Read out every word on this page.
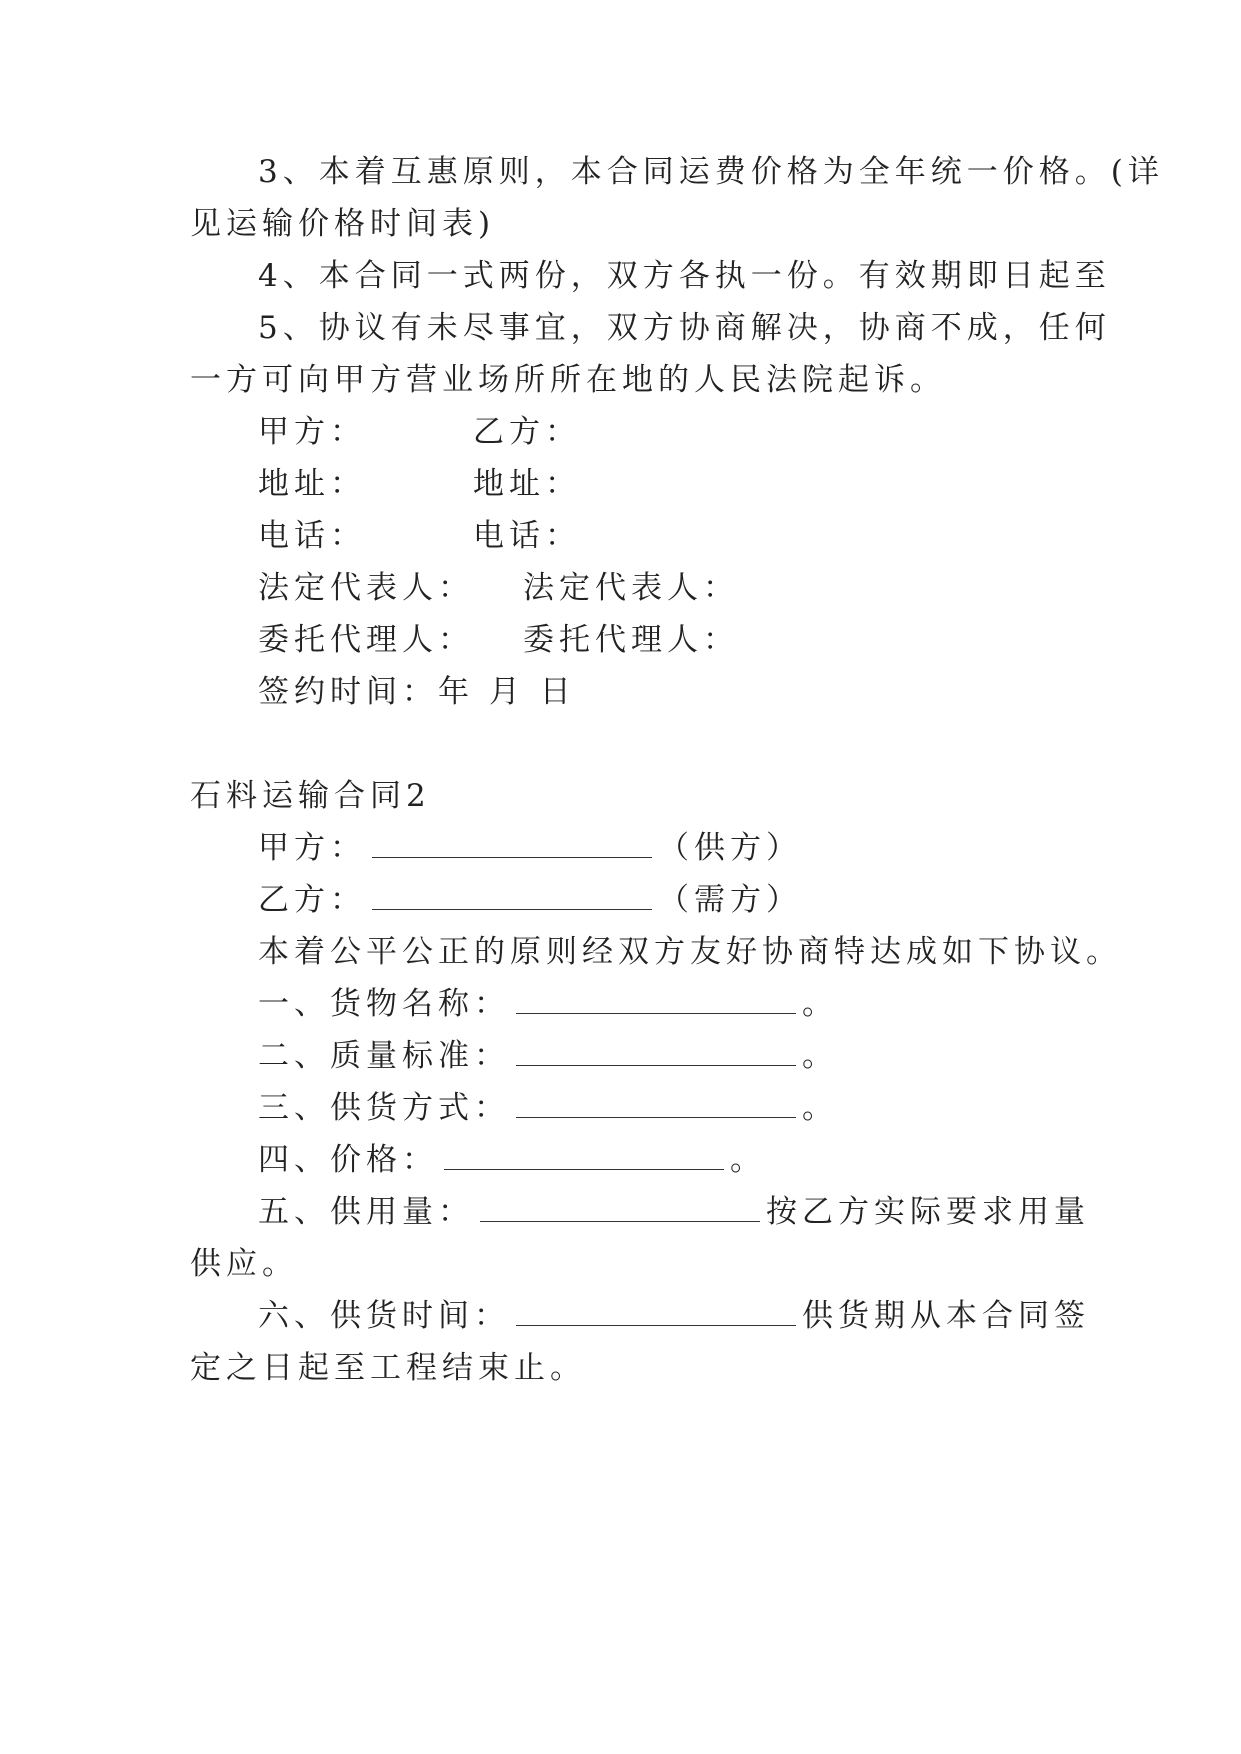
3、本着互惠原则，本合同运费价格为全年统一价格。(详
见运输价格时间表)
4、本合同一式两份，双方各执一份。有效期即日起至
5、协议有未尽事宜，双方协商解决，协商不成，任何
一方可向甲方营业场所所在地的人民法院起诉。
甲方：	乙方：
地址：	地址：
电话：	电话：
法定代表人： 法定代表人：
委托代理人： 委托代理人：
签约时间：年 月 日
石料运输合同2
甲方：	（供方）
乙方：	（需方）
本着公平公正的原则经双方友好协商特达成如下协议。
一、货物名称：	。
二、质量标准：	。
三、供货方式：	。
四、价格：	。
五、供用量：	按乙方实际要求用量
供应。
六、供货时间：	供货期从本合同签
定之日起至工程结束止。
